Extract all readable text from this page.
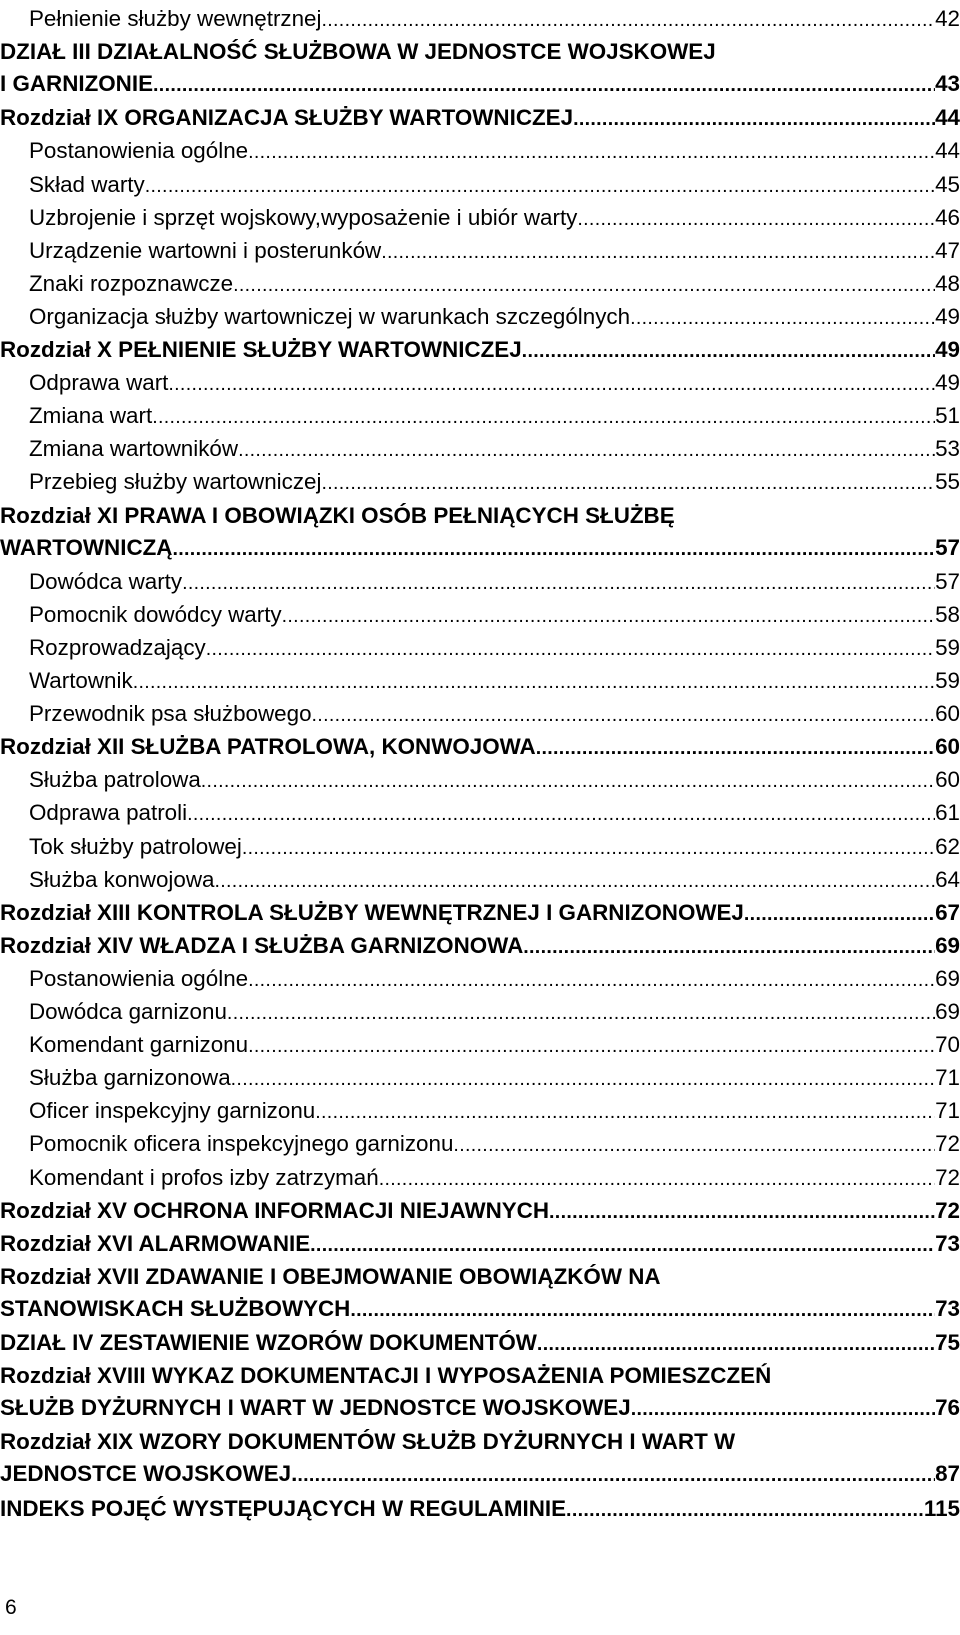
Pełnienie służby wewnętrznej .....	42
DZIAŁ III DZIAŁALNOŚĆ SŁUŻBOWA W JEDNOSTCE WOJSKOWEJ
I GARNIZONIE .....	43
Rozdział IX ORGANIZACJA SŁUŻBY WARTOWNICZEJ .....	44
Postanowienia ogólne .....	44
Skład warty .....	45
Uzbrojenie i sprzęt wojskowy,wyposażenie i ubiór warty .....	46
Urządzenie wartowni i posterunków .....	47
Znaki rozpoznawcze .....	48
Organizacja służby wartowniczej w warunkach szczególnych .....	49
Rozdział X PEŁNIENIE SŁUŻBY WARTOWNICZEJ .....	49
Odprawa wart .....	49
Zmiana wart .....	51
Zmiana wartowników .....	53
Przebieg służby wartowniczej .....	55
Rozdział XI PRAWA I OBOWIĄZKI OSÓB PEŁNIĄCYCH SŁUŻBĘ
WARTOWNICZĄ .....	57
Dowódca warty .....	57
Pomocnik dowódcy warty .....	58
Rozprowadzający .....	59
Wartownik .....	59
Przewodnik psa służbowego .....	60
Rozdział XII SŁUŻBA PATROLOWA, KONWOJOWA .....	60
Służba patrolowa .....	60
Odprawa patroli .....	61
Tok służby patrolowej .....	62
Służba konwojowa .....	64
Rozdział XIII KONTROLA SŁUŻBY WEWNĘTRZNEJ I GARNIZONOWEJ .....	67
Rozdział XIV WŁADZA I SŁUŻBA GARNIZONOWA .....	69
Postanowienia ogólne .....	69
Dowódca garnizonu .....	69
Komendant garnizonu .....	70
Służba garnizonowa .....	71
Oficer inspekcyjny garnizonu .....	71
Pomocnik oficera inspekcyjnego garnizonu .....	72
Komendant i profos izby zatrzymań .....	72
Rozdział XV OCHRONA INFORMACJI NIEJAWNYCH .....	72
Rozdział XVI ALARMOWANIE .....	73
Rozdział XVII ZDAWANIE I OBEJMOWANIE OBOWIĄZKÓW NA
STANOWISKACH SŁUŻBOWYCH .....	73
DZIAŁ IV ZESTAWIENIE WZORÓW DOKUMENTÓW .....	75
Rozdział XVIII WYKAZ DOKUMENTACJI I WYPOSAŻENIA POMIESZCZEŃ
SŁUŻB DYŻURNYCH I WART W JEDNOSTCE WOJSKOWEJ .....	76
Rozdział XIX WZORY DOKUMENTÓW SŁUŻB DYŻURNYCH I WART W
JEDNOSTCE WOJSKOWEJ. .....	87
INDEKS POJĘĆ WYSTĘPUJĄCYCH W REGULAMINIE .....	115
6
